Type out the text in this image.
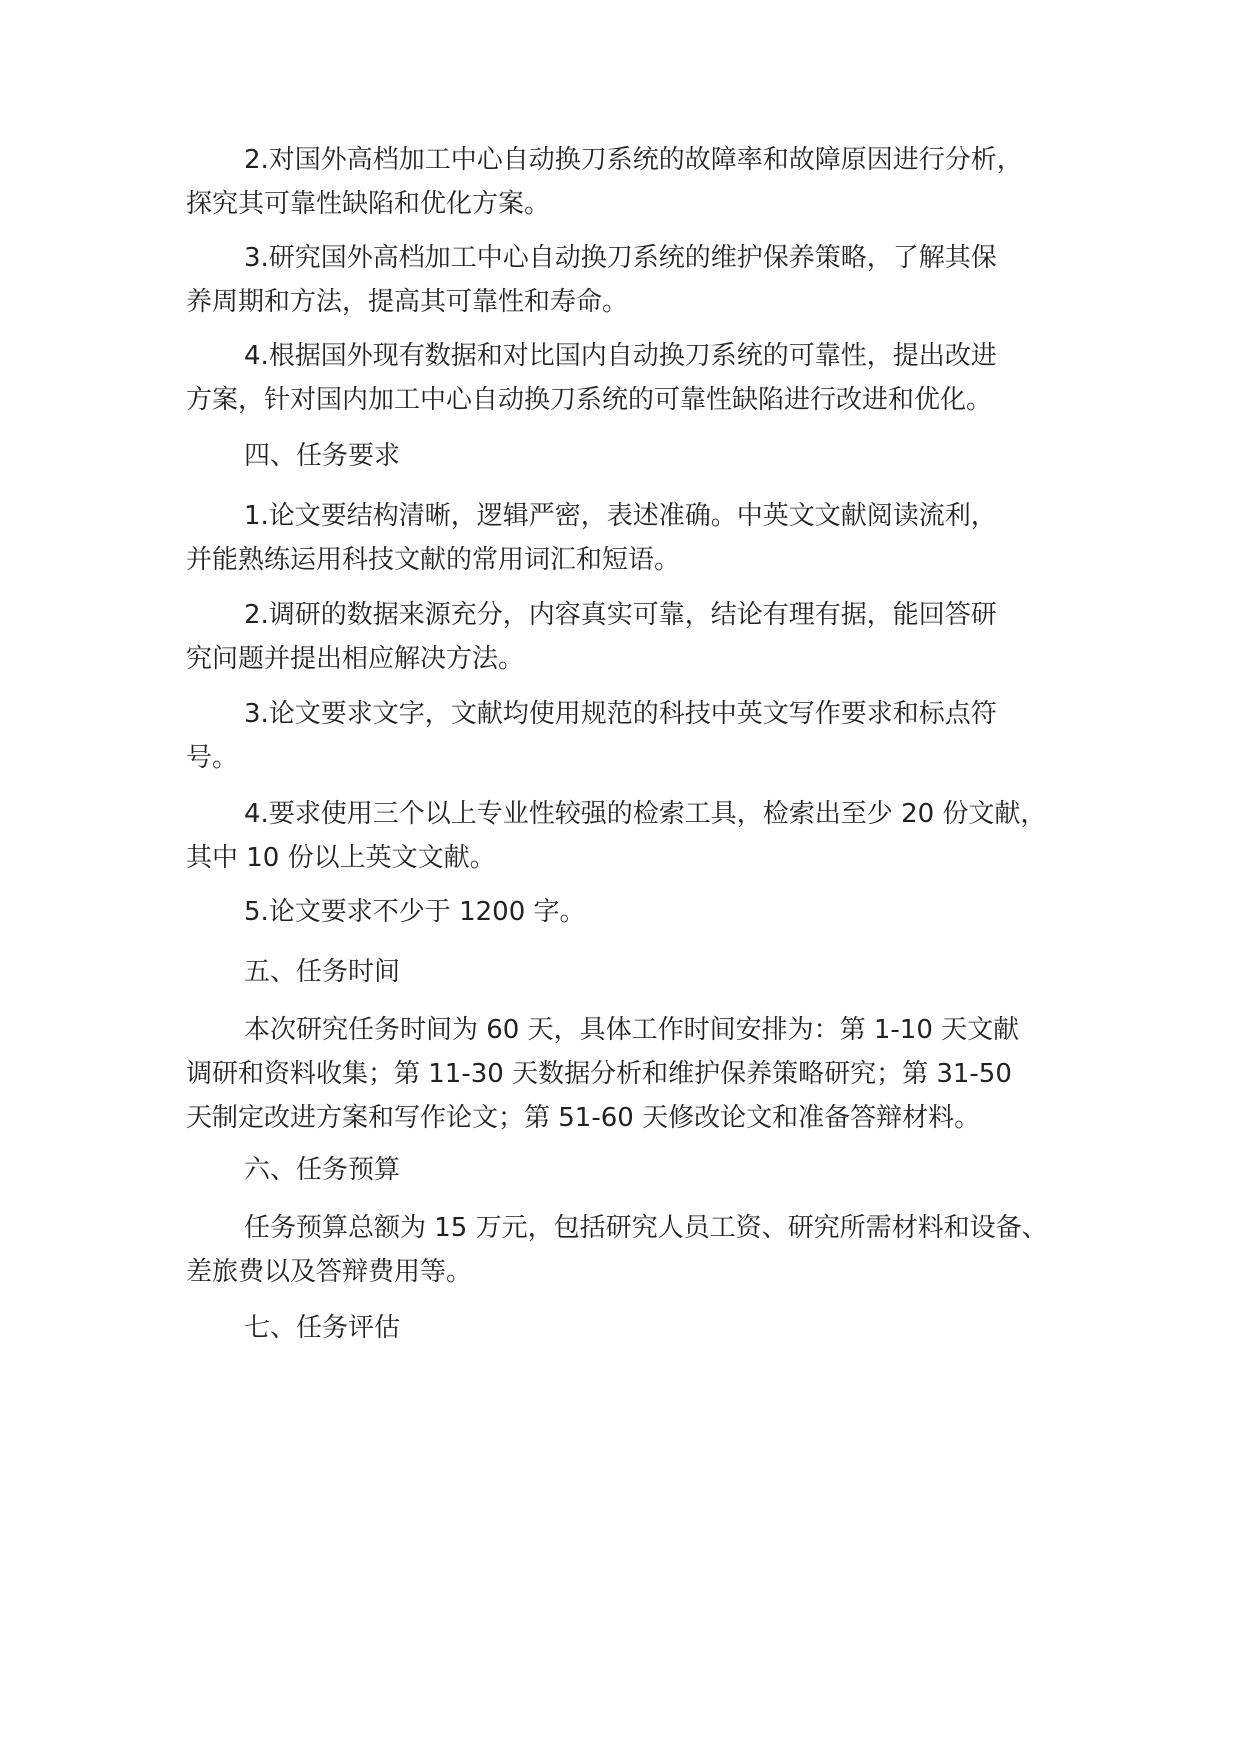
2.对国外高档加工中心自动换刀系统的故障率和故障原因进行分析，
探究其可靠性缺陷和优化方案。

3.研究国外高档加工中心自动换刀系统的维护保养策略，了解其保
养周期和方法，提高其可靠性和寿命。

4.根据国外现有数据和对比国内自动换刀系统的可靠性，提出改进
方案，针对国内加工中心自动换刀系统的可靠性缺陷进行改进和优化。

四、任务要求

1.论文要结构清晰，逻辑严密，表述准确。中英文文献阅读流利，
并能熟练运用科技文献的常用词汇和短语。

2.调研的数据来源充分，内容真实可靠，结论有理有据，能回答研
究问题并提出相应解决方法。

3.论文要求文字，文献均使用规范的科技中英文写作要求和标点符
号。

4.要求使用三个以上专业性较强的检索工具，检索出至少 20 份文献，
其中 10 份以上英文文献。

5.论文要求不少于 1200 字。

五、任务时间

本次研究任务时间为 60 天，具体工作时间安排为：第 1-10 天文献
调研和资料收集；第 11-30 天数据分析和维护保养策略研究；第 31-50
天制定改进方案和写作论文；第 51-60 天修改论文和准备答辩材料。

六、任务预算

任务预算总额为 15 万元，包括研究人员工资、研究所需材料和设备、
差旅费以及答辩费用等。

七、任务评估
